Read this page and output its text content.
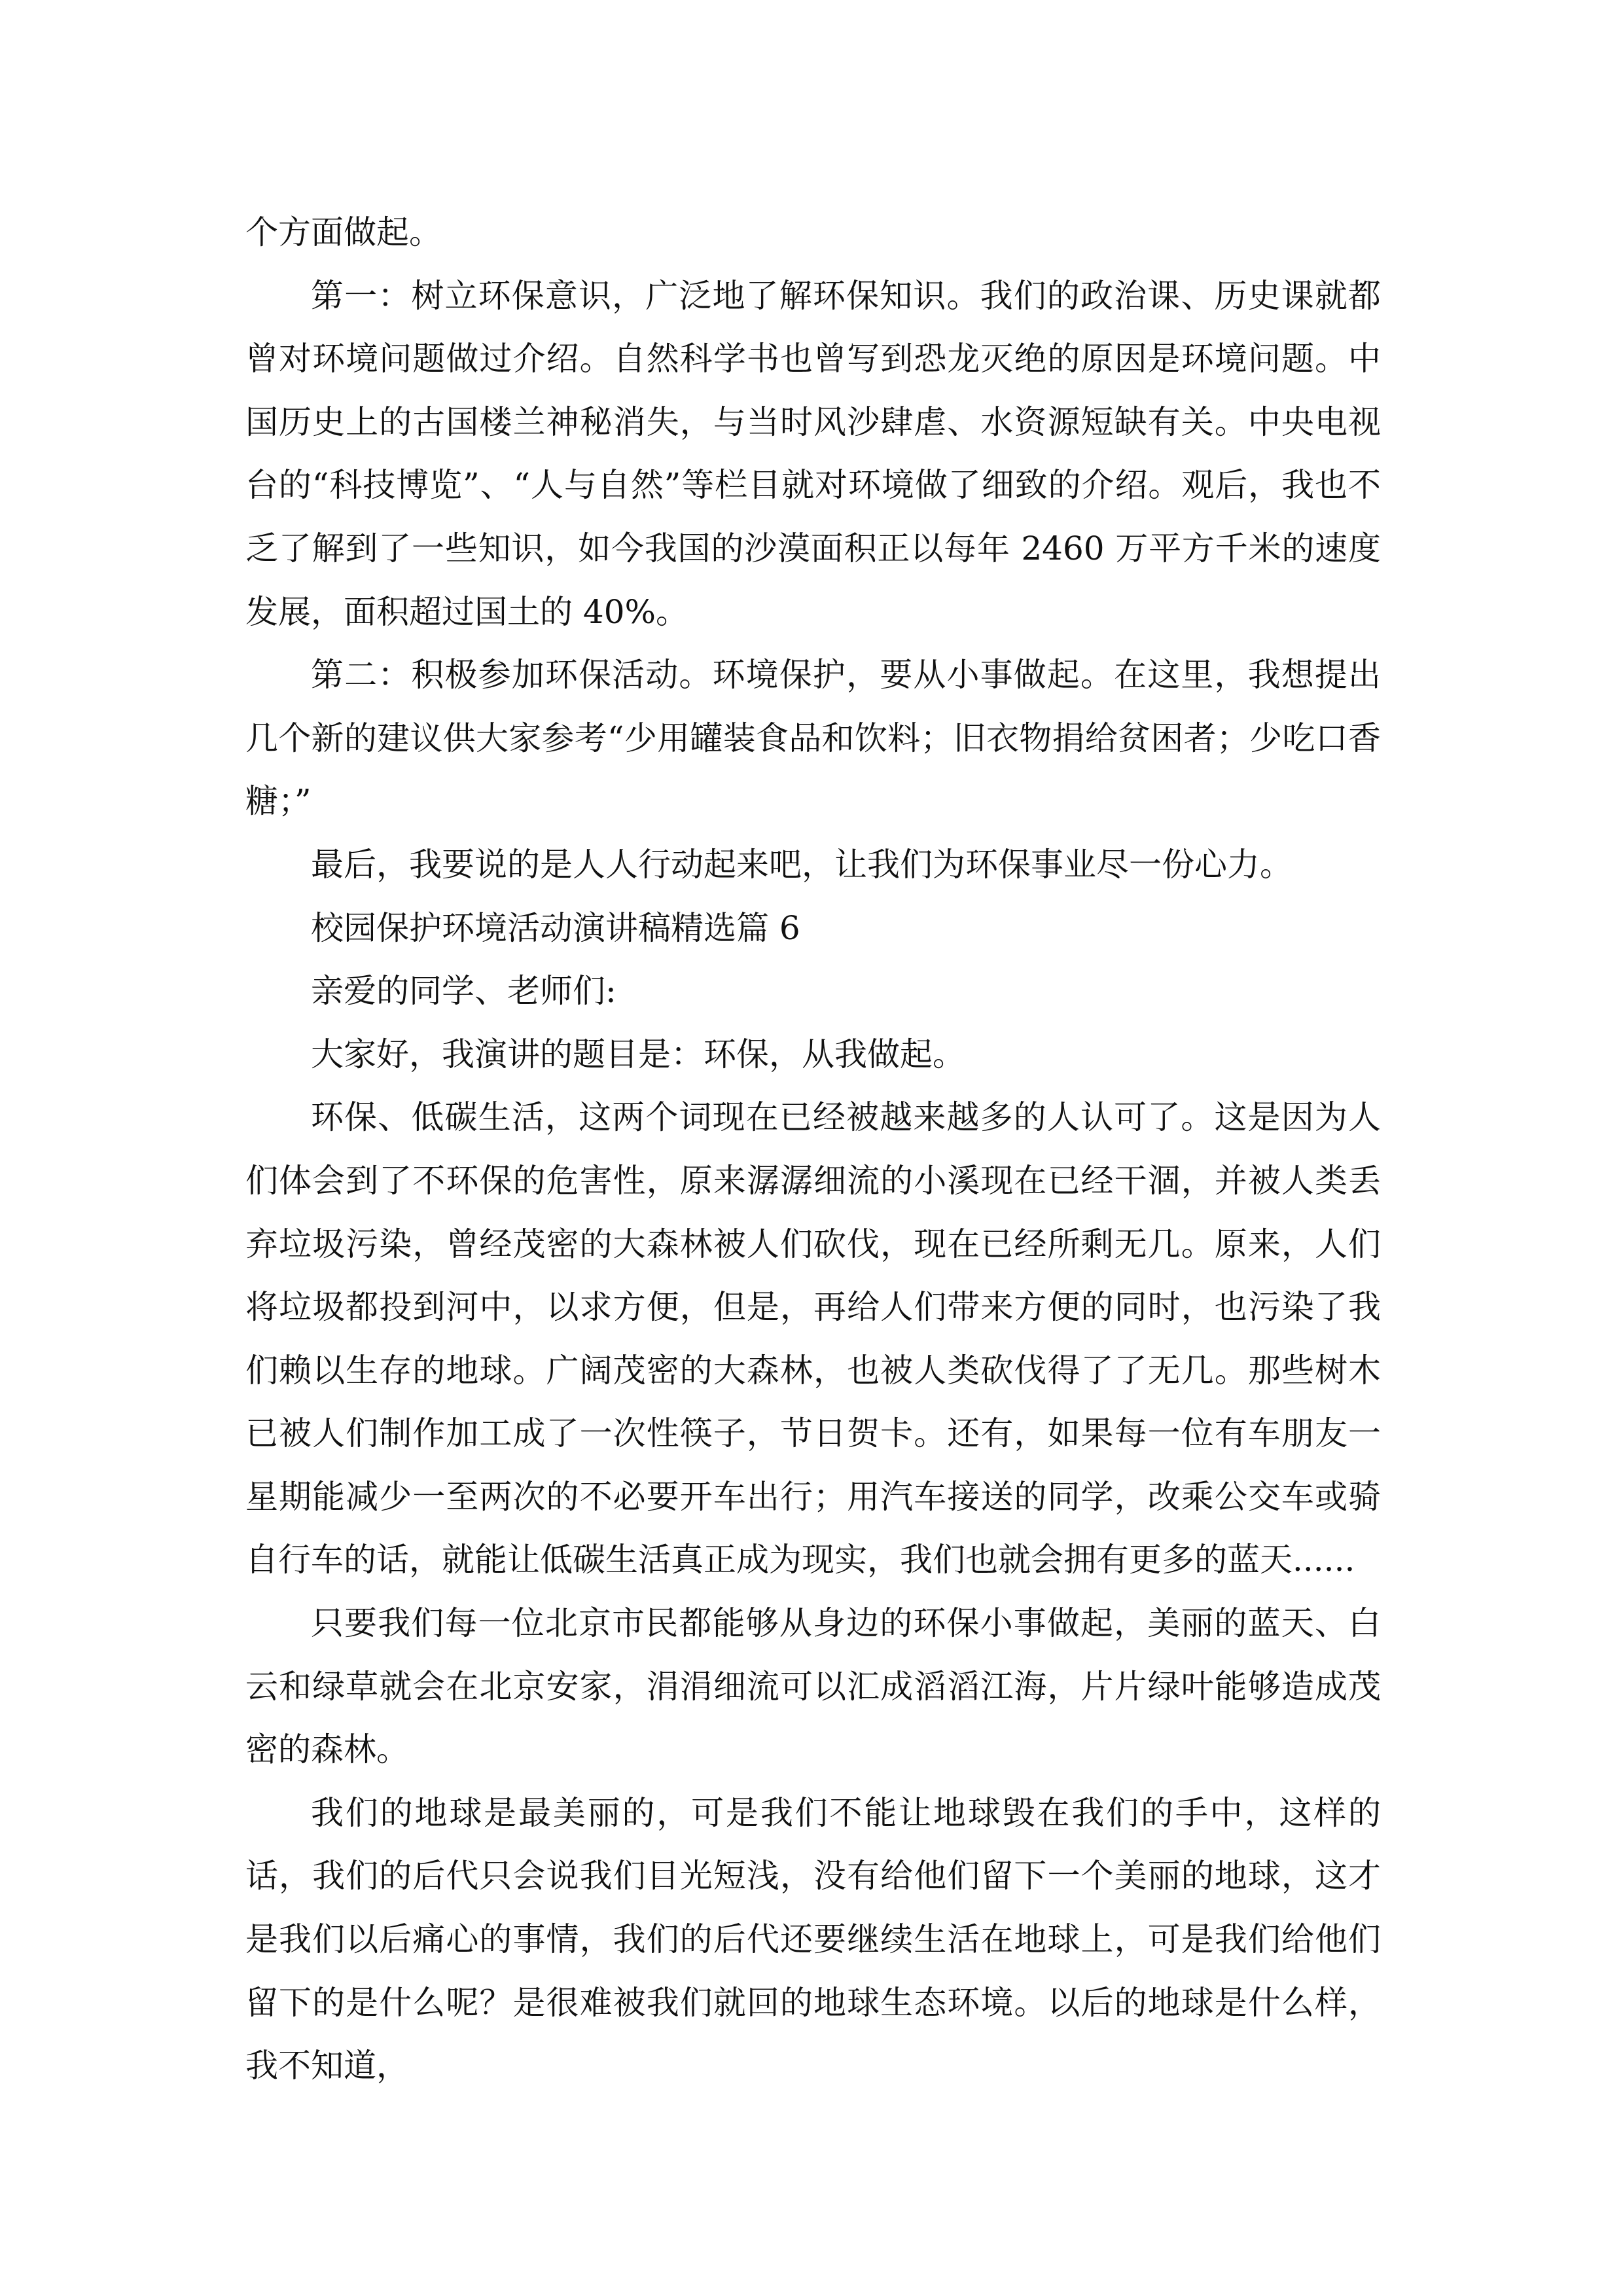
个方面做起。

第一：树立环保意识，广泛地了解环保知识。我们的政治课、历史课就都曾对环境问题做过介绍。自然科学书也曾写到恐龙灭绝的原因是环境问题。中国历史上的古国楼兰神秘消失，与当时风沙肆虐、水资源短缺有关。中央电视台的“科技博览”、“人与自然”等栏目就对环境做了细致的介绍。观后，我也不乏了解到了一些知识，如今我国的沙漠面积正以每年 2460 万平方千米的速度发展，面积超过国土的 40%。

第二：积极参加环保活动。环境保护，要从小事做起。在这里，我想提出几个新的建议供大家参考“少用罐装食品和饮料；旧衣物捐给贫困者；少吃口香糖；”

最后，我要说的是人人行动起来吧，让我们为环保事业尽一份心力。

校园保护环境活动演讲稿精选篇 6

亲爱的同学、老师们:

大家好，我演讲的题目是：环保，从我做起。

环保、低碳生活，这两个词现在已经被越来越多的人认可了。这是因为人们体会到了不环保的危害性，原来潺潺细流的小溪现在已经干涸，并被人类丢弃垃圾污染，曾经茂密的大森林被人们砍伐，现在已经所剩无几。原来，人们将垃圾都投到河中，以求方便，但是，再给人们带来方便的同时，也污染了我们赖以生存的地球。广阔茂密的大森林，也被人类砍伐得了了无几。那些树木已被人们制作加工成了一次性筷子，节日贺卡。还有，如果每一位有车朋友一星期能减少一至两次的不必要开车出行；用汽车接送的同学，改乘公交车或骑自行车的话，就能让低碳生活真正成为现实，我们也就会拥有更多的蓝天......

只要我们每一位北京市民都能够从身边的环保小事做起，美丽的蓝天、白云和绿草就会在北京安家，涓涓细流可以汇成滔滔江海，片片绿叶能够造成茂密的森林。

我们的地球是最美丽的，可是我们不能让地球毁在我们的手中，这样的话，我们的后代只会说我们目光短浅，没有给他们留下一个美丽的地球，这才是我们以后痛心的事情，我们的后代还要继续生活在地球上，可是我们给他们留下的是什么呢？是很难被我们就回的地球生态环境。以后的地球是什么样，我不知道，
